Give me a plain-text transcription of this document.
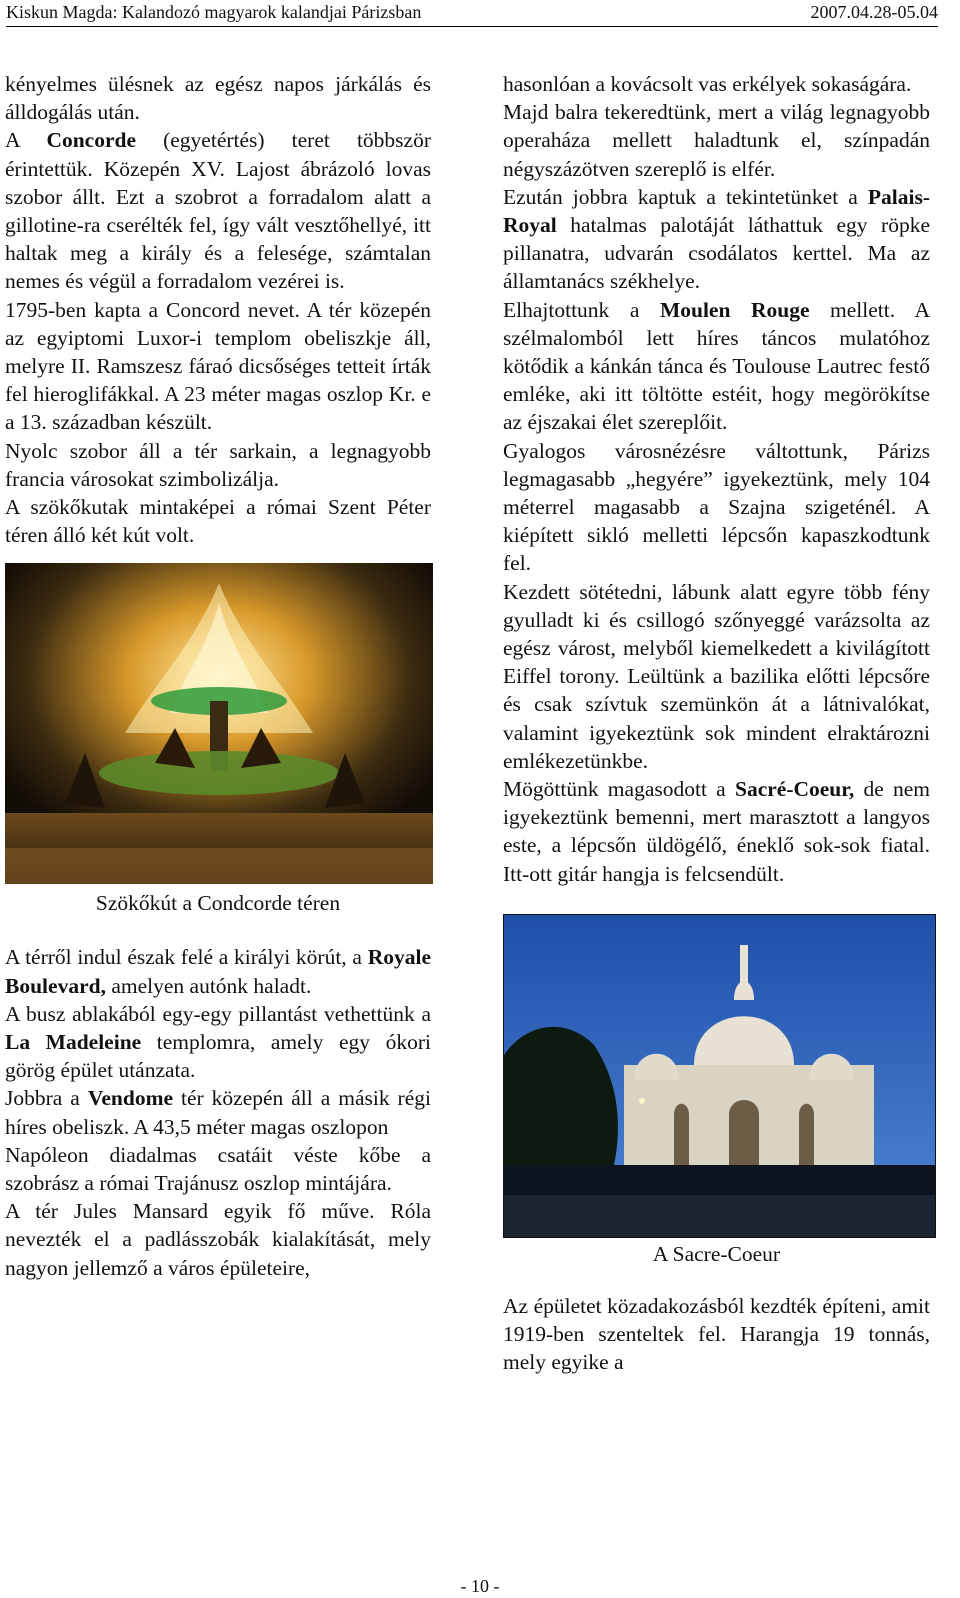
Kiskun Magda: Kalandozó magyarok kalandjai Párizsban	2007.04.28-05.04

kényelmes ülésnek az egész napos járkálás és álldogálás után.

A Concorde (egyetértés) teret többször érintettük. Közepén XV. Lajost ábrázoló lovas szobor állt. Ezt a szobrot a forradalom alatt a gillotine-ra cserélték fel, így vált vesztőhellyé, itt haltak meg a király és a felesége, számtalan nemes és végül a forradalom vezérei is.

1795-ben kapta a Concord nevet. A tér közepén az egyiptomi Luxor-i templom obeliszkje áll, melyre II. Ramszesz fáraó dicsőséges tetteit írták fel hieroglifákkal. A 23 méter magas oszlop Kr. e a 13. században készült.

Nyolc szobor áll a tér sarkain, a legnagyobb francia városokat szimbolizálja.

A szökőkutak mintaképei a római Szent Péter téren álló két kút volt.

Szökőkút a Condcorde téren

A térről indul észak felé a királyi körút, a Royale Boulevard, amelyen autónk haladt.

A busz ablakából egy-egy pillantást vethettünk a La Madeleine templomra, amely egy ókori görög épület utánzata.

Jobbra a Vendome tér közepén áll a másik régi híres obeliszk. A 43,5 méter magas oszlopon

Napóleon diadalmas csatáit véste kőbe a szobrász a római Trajánusz oszlop mintájára.

A tér Jules Mansard egyik fő műve. Róla nevezték el a padlásszobák kialakítását, mely nagyon jellemző a város épületeire,

hasonlóan a kovácsolt vas erkélyek sokaságára.

Majd balra tekeredtünk, mert a világ legnagyobb operaháza mellett haladtunk el, színpadán négyszázötven szereplő is elfér.

Ezután jobbra kaptuk a tekintetünket a Palais-Royal hatalmas palotáját láthattuk egy röpke pillanatra, udvarán csodálatos kerttel. Ma az államtanács székhelye.

Elhajtottunk a Moulen Rouge mellett. A szélmalomból lett híres táncos mulatóhoz kötődik a kánkán tánca és Toulouse Lautrec festő emléke, aki itt töltötte estéit, hogy megörökítse az éjszakai élet szereplőit.

Gyalogos városnézésre váltottunk, Párizs legmagasabb „hegyére” igyekeztünk, mely 104 méterrel magasabb a Szajna szigeténél. A kiépített sikló melletti lépcsőn kapaszkodtunk fel.

Kezdett sötétedni, lábunk alatt egyre több fény gyulladt ki és csillogó szőnyeggé varázsolta az egész várost, melyből kiemelkedett a kivilágított Eiffel torony. Leültünk a bazilika előtti lépcsőre és csak szívtuk szemünkön át a látnivalókat, valamint igyekeztünk sok mindent elraktározni emlékezetünkbe.

Mögöttünk magasodott a Sacré-Coeur, de nem igyekeztünk bemenni, mert marasztott a langyos este, a lépcsőn üldögélő, éneklő sok-sok fiatal. Itt-ott gitár hangja is felcsendült.

A Sacre-Coeur

Az épületet közadakozásból kezdték építeni, amit 1919-ben szenteltek fel. Harangja 19 tonnás, mely egyike a

- 10 -
